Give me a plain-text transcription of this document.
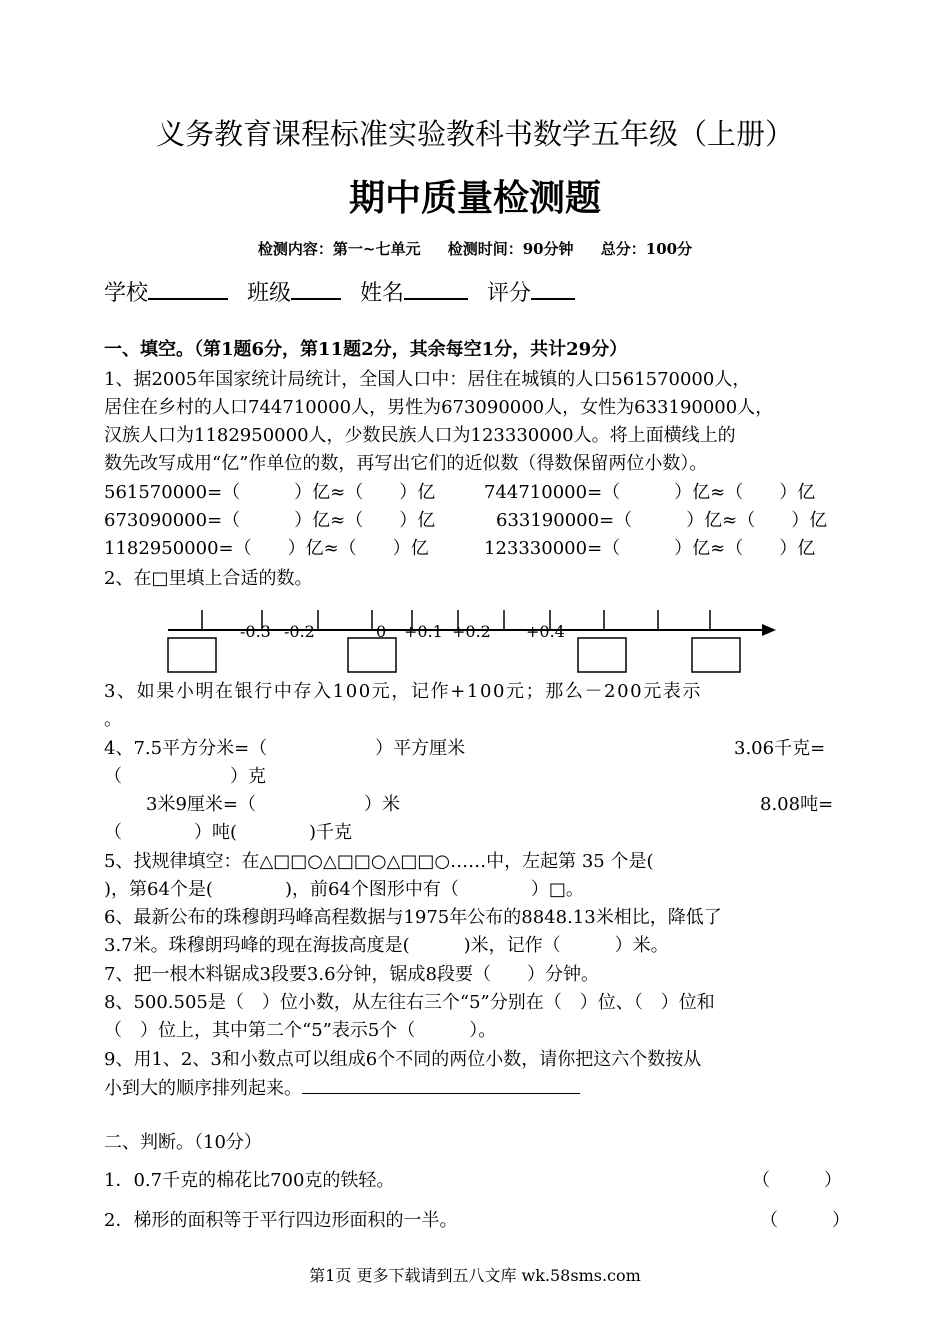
义务教育课程标准实验教科书数学五年级（上册）
期中质量检测题
检测内容：第一~七单元 检测时间：90分钟 总分：100分
学校	班级	姓名	评分
一、填空。（第1题6分，第11题2分，其余每空1分，共计29分）
1、据2005年国家统计局统计，全国人口中：居住在城镇的人口561570000人，
居住在乡村的人口744710000人，男性为673090000人，女性为633190000人，
汉族人口为1182950000人，少数民族人口为123330000人。将上面横线上的
数先改写成用“亿”作单位的数，再写出它们的近似数（得数保留两位小数）。
561570000=（　　　）亿≈（　　）亿	744710000=（　　　）亿≈（　　）亿
673090000=（　　　）亿≈（　　）亿	633190000=（　　　）亿≈（　　）亿
1182950000=（　　）亿≈（　　）亿	123330000=（　　　）亿≈（　　）亿
2、在□里填上合适的数。
-0.3 -0.2	0 +0.1 +0.2 +0.4
3、如果小明在银行中存入100元，记作+100元；那么－200元表示
。
4、7.5平方分米=（　　　　　　）平方厘米	3.06千克=
（　　　　　　）克
3米9厘米=（　　　　　　）米	8.08吨=
（　　　　）吨(　　　　)千克
5、找规律填空：在△□□○△□□○△□□○……中，左起第 35 个是(
)，第64个是(　　　　)，前64个图形中有（　　　　）□。
6、最新公布的珠穆朗玛峰高程数据与1975年公布的8848.13米相比，降低了
3.7米。珠穆朗玛峰的现在海拔高度是(　　　)米，记作（　　　）米。
7、把一根木料锯成3段要3.6分钟，锯成8段要（　　）分钟。
8、500.505是（　）位小数，从左往右三个“5”分别在（　）位、（　）位和
（　）位上，其中第二个“5”表示5个（　　　）。
9、用1、2、3和小数点可以组成6个不同的两位小数，请你把这六个数按从
小到大的顺序排列起来。
二、判断。（10分）
1．0.7千克的棉花比700克的铁轻。	（　　　）
2．梯形的面积等于平行四边形面积的一半。	（　　　）
第1页 更多下载请到五八文库 wk.58sms.com
